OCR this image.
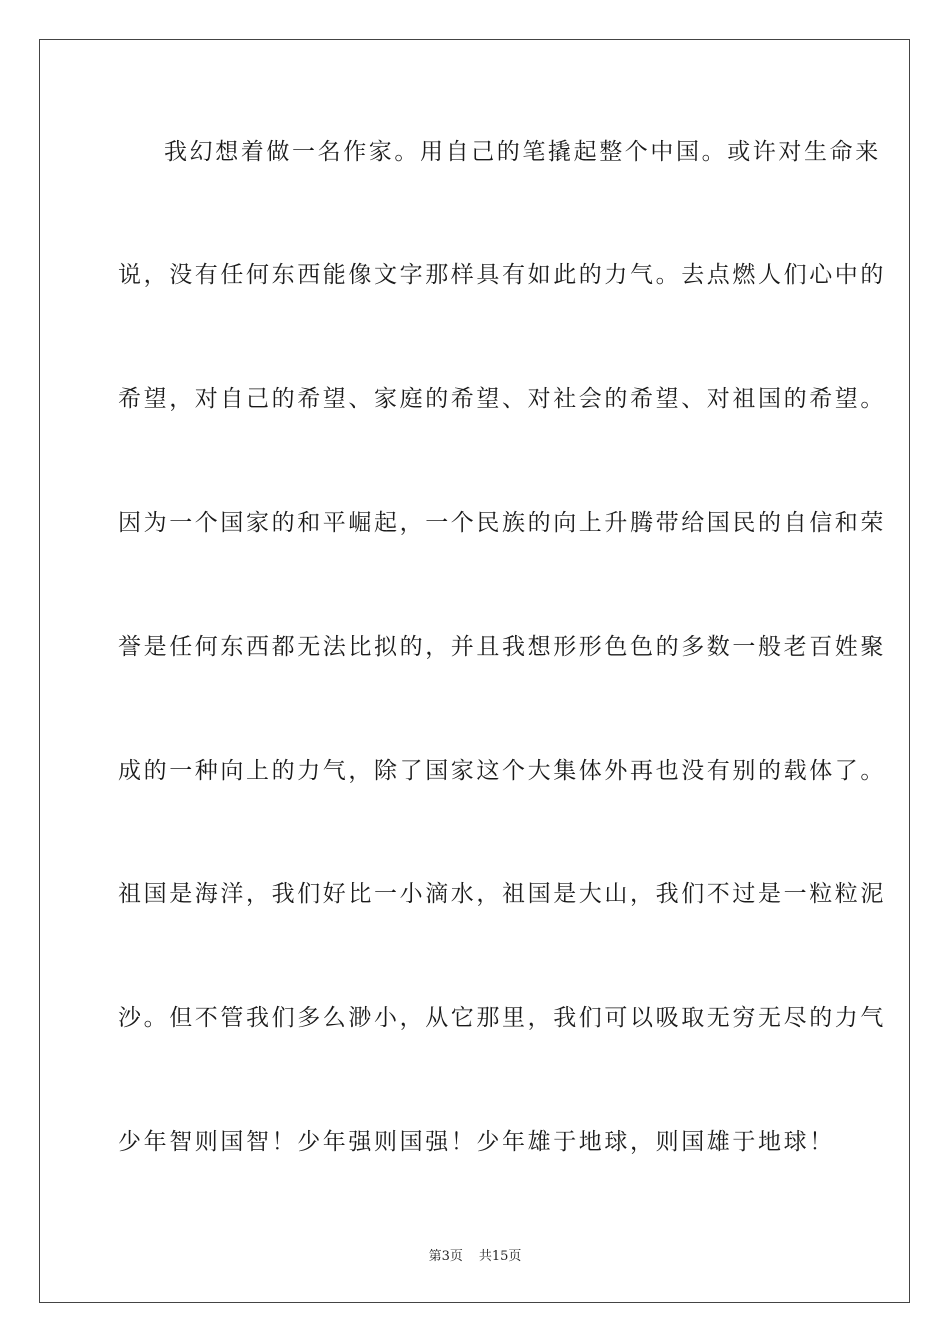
我幻想着做一名作家。用自己的笔撬起整个中国。或许对生命来
说，没有任何东西能像文字那样具有如此的力气。去点燃人们心中的
希望，对自己的希望、家庭的希望、对社会的希望、对祖国的希望。
因为一个国家的和平崛起，一个民族的向上升腾带给国民的自信和荣
誉是任何东西都无法比拟的，并且我想形形色色的多数一般老百姓聚
成的一种向上的力气，除了国家这个大集体外再也没有别的载体了。
祖国是海洋，我们好比一小滴水，祖国是大山，我们不过是一粒粒泥
沙。但不管我们多么渺小，从它那里，我们可以吸取无穷无尽的力气
少年智则国智！少年强则国强！少年雄于地球，则国雄于地球！
第3页 共15页
